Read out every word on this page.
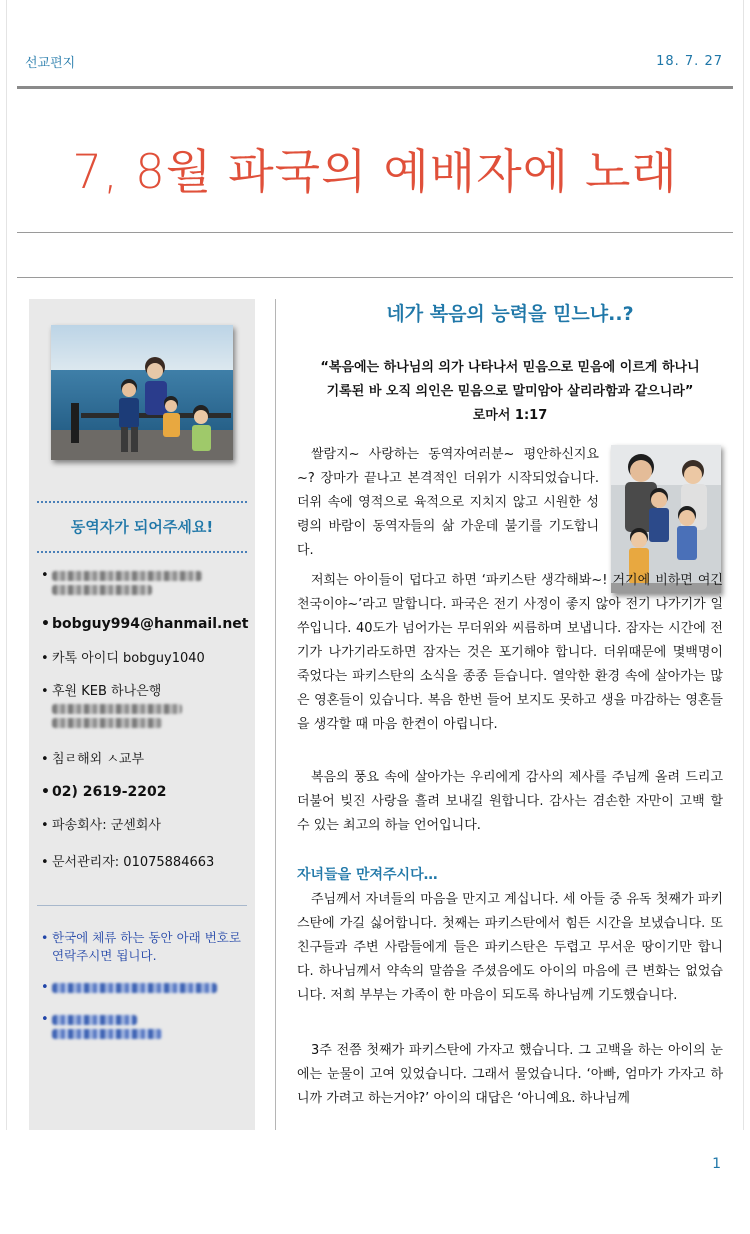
선교편지	18. 7. 27
7, 8월 파국의 예배자에 노래
동역자가 되어주세요!
•
• bobguy994@hanmail.net
• 카톡 아이디 bobguy1040
• 후원 KEB 하나은행
• 침ㄹ해외 ㅅ교부
• 02) 2619-2202
• 파송회사: 군센회사
• 문서관리자: 01075884663
• 한국에 체류 하는 동안 아래 번호로 연락주시면 됩니다.
•
•
네가 복음의 능력을 믿느냐..?
“복음에는 하나님의 의가 나타나서 믿음으로 믿음에 이르게 하나니
기록된 바 오직 의인은 믿음으로 말미암아 살리라함과 같으니라”
로마서 1:17

쌀람지~ 사랑하는 동역자여러분~ 평안하신지요~? 장마가 끝나고 본격적인 더위가 시작되었습니다. 더위 속에 영적으로 육적으로 지치지 않고 시원한 성령의 바람이 동역자들의 삶 가운데 불기를 기도합니다.

저희는 아이들이 덥다고 하면 ‘파키스탄 생각해봐~! 거기에 비하면 여긴 천국이야~’라고 말합니다. 파국은 전기 사정이 좋지 않아 전기 나가기가 일쑤입니다. 40도가 넘어가는 무더위와 씨름하며 보냅니다. 잠자는 시간에 전기가 나가기라도하면 잠자는 것은 포기해야 합니다. 더위때문에 몇백명이 죽었다는 파키스탄의 소식을 종종 듣습니다. 열악한 환경 속에 살아가는 많은 영혼들이 있습니다. 복음 한번 들어 보지도 못하고 생을 마감하는 영혼들을 생각할 때 마음 한켠이 아립니다.

복음의 풍요 속에 살아가는 우리에게 감사의 제사를 주님께 올려 드리고 더불어 빚진 사랑을 흘려 보내길 원합니다. 감사는 겸손한 자만이 고백 할 수 있는 최고의 하늘 언어입니다.

자녀들을 만져주시다…

주님께서 자녀들의 마음을 만지고 계십니다. 세 아들 중 유독 첫째가 파키스탄에 가길 싫어합니다. 첫째는 파키스탄에서 힘든 시간을 보냈습니다. 또 친구들과 주변 사람들에게 들은 파키스탄은 두렵고 무서운 땅이기만 합니다. 하나님께서 약속의 말씀을 주셨음에도 아이의 마음에 큰 변화는 없었습니다. 저희 부부는 가족이 한 마음이 되도록 하나님께 기도했습니다.

3주 전쯤 첫째가 파키스탄에 가자고 했습니다. 그 고백을 하는 아이의 눈에는 눈물이 고여 있었습니다. 그래서 물었습니다. ‘아빠, 엄마가 가자고 하니까 가려고 하는거야?’ 아이의 대답은 ‘아니예요. 하나님께

1
